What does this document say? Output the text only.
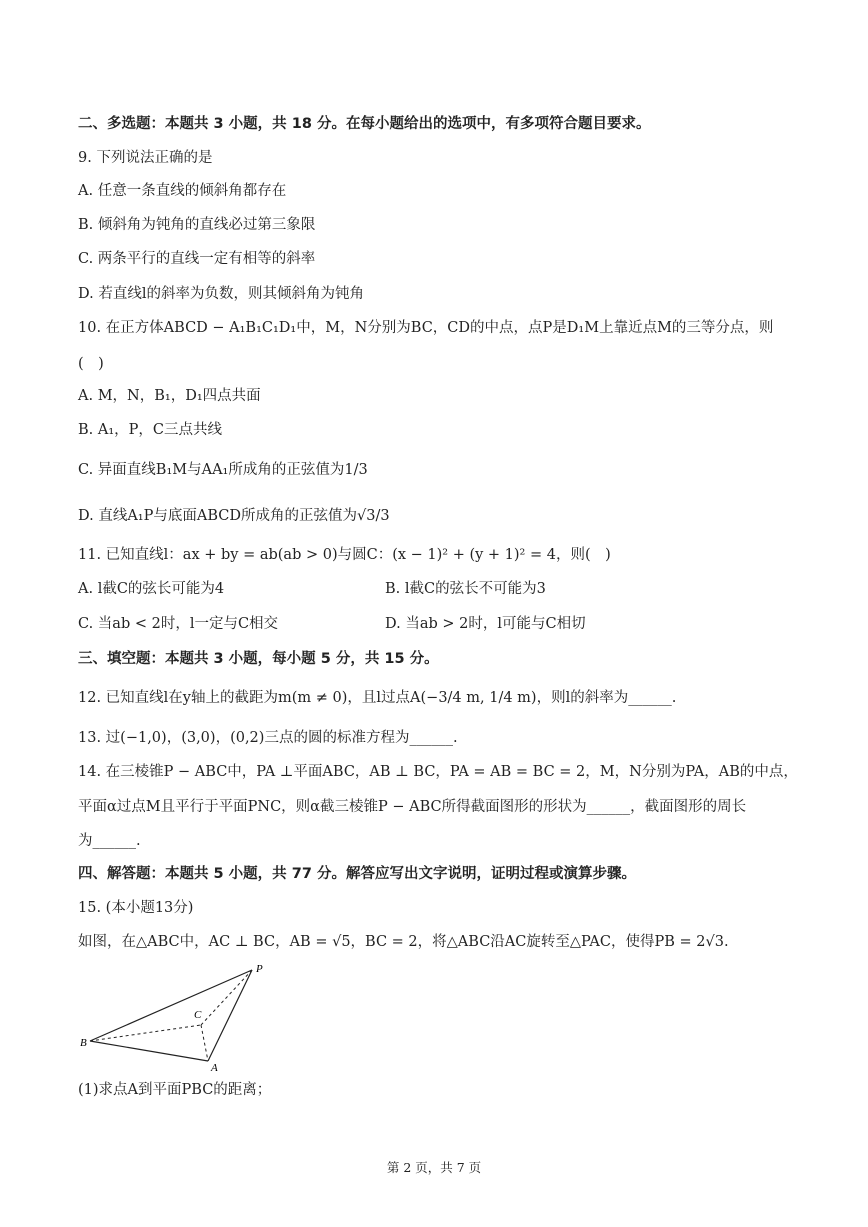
二、多选题：本题共 3 小题，共 18 分。在每小题给出的选项中，有多项符合题目要求。
9. 下列说法正确的是
A. 任意一条直线的倾斜角都存在
B. 倾斜角为钝角的直线必过第三象限
C. 两条平行的直线一定有相等的斜率
D. 若直线l的斜率为负数，则其倾斜角为钝角
10. 在正方体ABCD − A₁B₁C₁D₁中，M，N分别为BC，CD的中点，点P是D₁M上靠近点M的三等分点，则
(　)
A. M，N，B₁，D₁四点共面
B. A₁，P，C三点共线
C. 异面直线B₁M与AA₁所成角的正弦值为1/3
D. 直线A₁P与底面ABCD所成角的正弦值为√3/3
11. 已知直线l：ax + by = ab(ab > 0)与圆C：(x − 1)² + (y + 1)² = 4，则(　)
A. l截C的弦长可能为4	B. l截C的弦长不可能为3
C. 当ab < 2时，l一定与C相交	D. 当ab > 2时，l可能与C相切
三、填空题：本题共 3 小题，每小题 5 分，共 15 分。
12. 已知直线l在y轴上的截距为m(m ≠ 0)，且l过点A(−3/4 m, 1/4 m)，则l的斜率为______.
13. 过(−1,0)，(3,0)，(0,2)三点的圆的标准方程为______.
14. 在三棱锥P − ABC中，PA ⊥平面ABC，AB ⊥ BC，PA = AB = BC = 2，M，N分别为PA，AB的中点，
平面α过点M且平行于平面PNC，则α截三棱锥P − ABC所得截面图形的形状为______，截面图形的周长
为______.
四、解答题：本题共 5 小题，共 77 分。解答应写出文字说明，证明过程或演算步骤。
15. (本小题13分)
如图，在△ABC中，AC ⊥ BC，AB = √5，BC = 2，将△ABC沿AC旋转至△PAC，使得PB = 2√3.
P
C
B
A
(1)求点A到平面PBC的距离；
第 2 页，共 7 页
